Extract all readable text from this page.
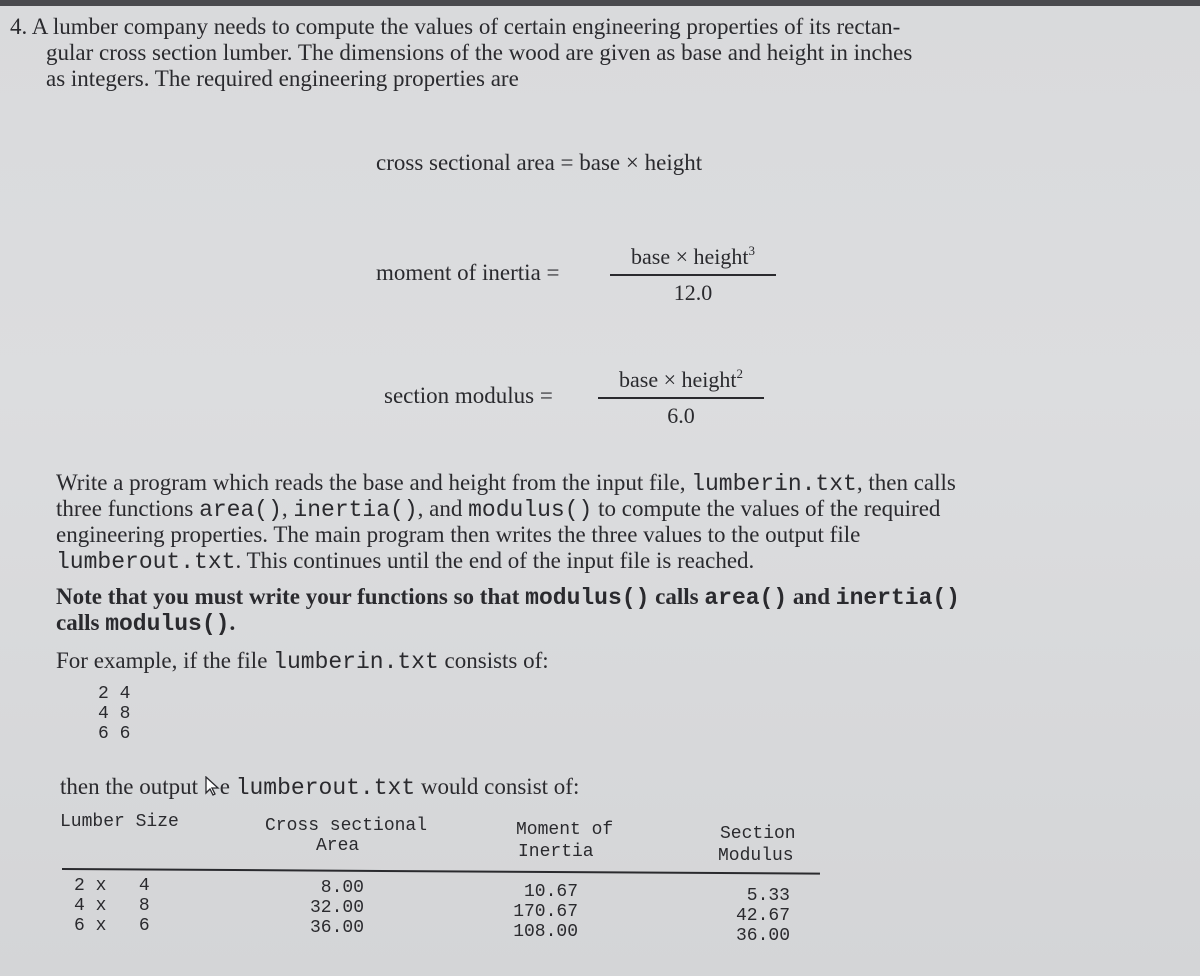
4. A lumber company needs to compute the values of certain engineering properties of its rectan-
gular cross section lumber. The dimensions of the wood are given as base and height in inches
as integers. The required engineering properties are
cross sectional area = base × height
moment of inertia =
base × height$^3$
12.0
section modulus =
base × height$^2$
6.0
Write a program which reads the base and height from the input file, lumberin.txt, then calls
three functions area(), inertia(), and modulus() to compute the values of the required
engineering properties. The main program then writes the three values to the output file
lumberout.txt. This continues until the end of the input file is reached.
Note that you must write your functions so that modulus() calls area() and inertia()
calls modulus().
For example, if the file lumberin.txt consists of:
2 4
4 8
6 6
then the output e lumberout.txt would consist of:
Lumber Size	Cross sectional
Area
Moment of
Inertia
Section
Modulus
2 x 4
4 x 8
6 x 6
8.00
32.00
36.00
10.67
170.67
108.00
5.33
42.67
36.00
